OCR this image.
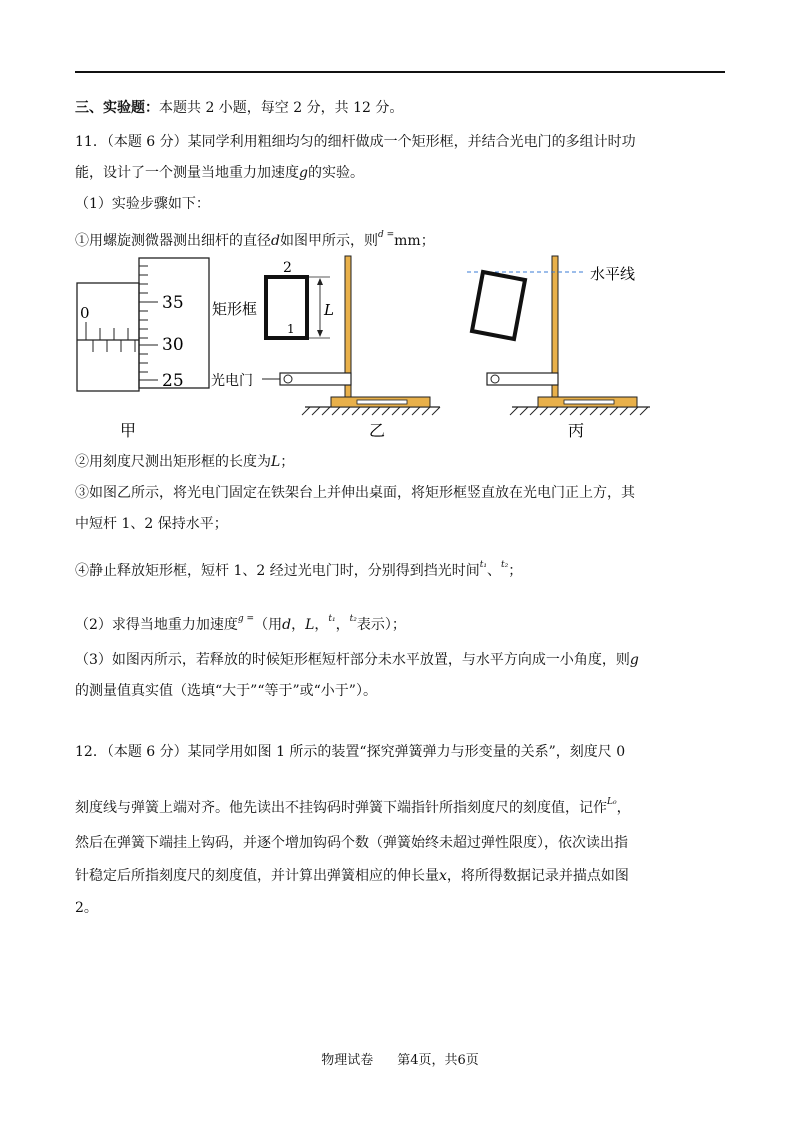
三、实验题：本题共 2 小题，每空 2 分，共 12 分。
11．（本题 6 分）某同学利用粗细均匀的细杆做成一个矩形框，并结合光电门的多组计时功
能，设计了一个测量当地重力加速度g的实验。
（1）实验步骤如下：
①用螺旋测微器测出细杆的直径d如图甲所示，则$^{d =}$mm；
35
30
25
0
甲
光电门
2
1
矩形框	L
乙
水平线
丙
②用刻度尺测出矩形框的长度为L；
③如图乙所示，将光电门固定在铁架台上并伸出桌面，将矩形框竖直放在光电门正上方，其
中短杆 1、2 保持水平；
④静止释放矩形框，短杆 1、2 经过光电门时，分别得到挡光时间$^{t_1}$、$^{t_2}$；
（2）求得当地重力加速度$^{g =}$（用d，L，$^{t_1}$，$^{t_2}$表示）；
（3）如图丙所示，若释放的时候矩形框短杆部分未水平放置，与水平方向成一小角度，则g
的测量值真实值（选填“大于”“等于”或“小于”）。
12．（本题 6 分）某同学用如图 1 所示的装置“探究弹簧弹力与形变量的关系”，刻度尺 0
刻度线与弹簧上端对齐。他先读出不挂钩码时弹簧下端指针所指刻度尺的刻度值，记作$^{L_0}$，
然后在弹簧下端挂上钩码，并逐个增加钩码个数（弹簧始终未超过弹性限度），依次读出指
针稳定后所指刻度尺的刻度值，并计算出弹簧相应的伸长量x，将所得数据记录并描点如图
2。
物理试卷 第4页，共6页
